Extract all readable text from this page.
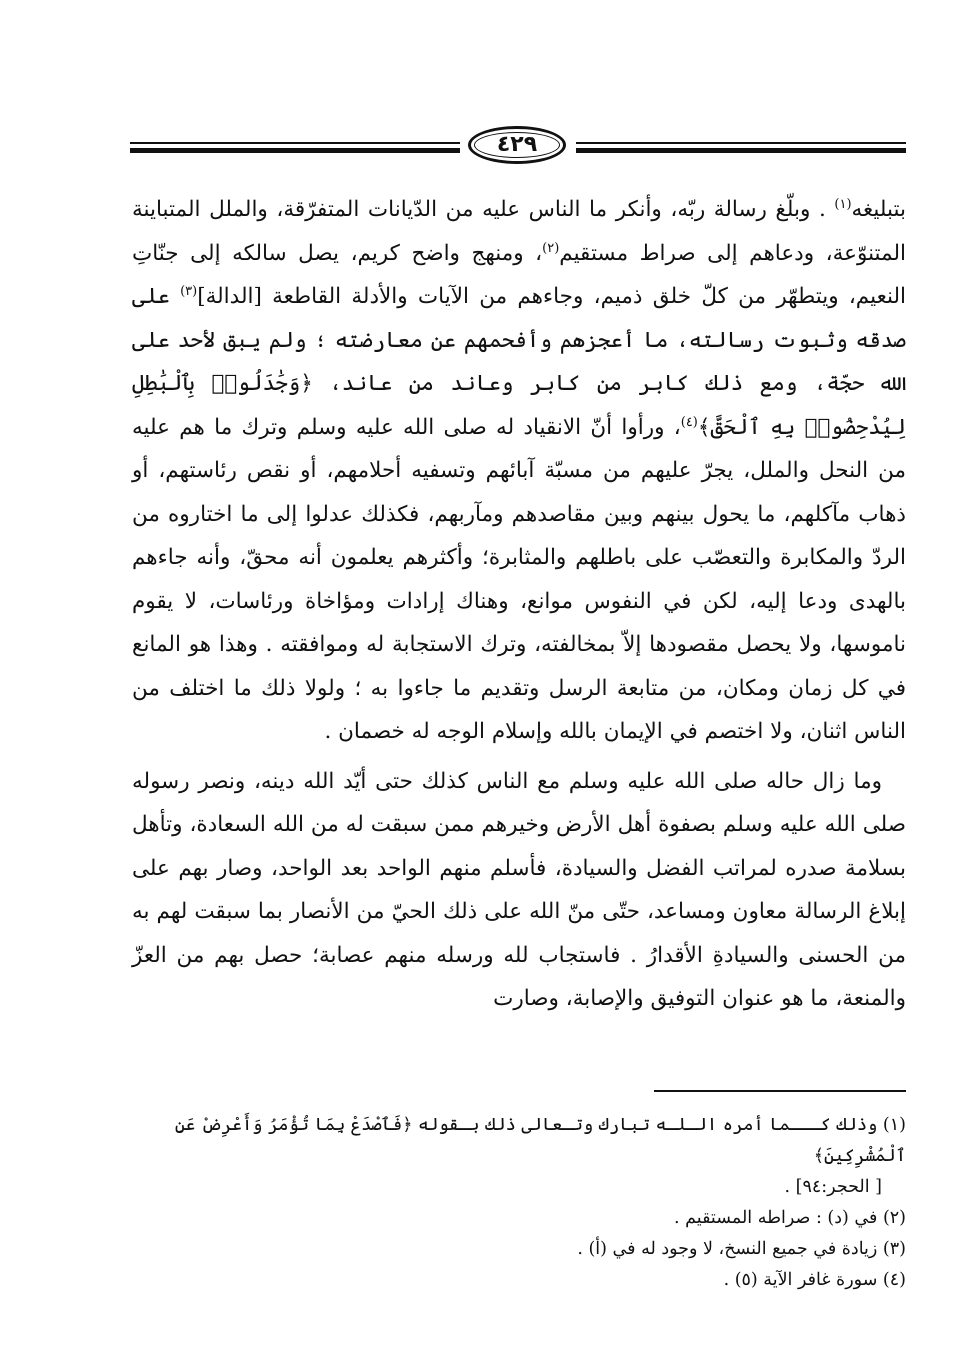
٤٢٩

بتبليغه$^{(١)}$ . وبلّغ رسالة ربّه، وأنكر ما الناس عليه من الدّيانات المتفرّقة، والملل المتباينة المتنوّعة، ودعاهم إلى صراط مستقيم$^{(٢)}$، ومنهج واضح كريم، يصل سالكه إلى جنّاتِ النعيم، ويتطهّر من كلّ خلق ذميم، وجاءهم من الآيات والأدلة القاطعة [الدالة]$^{(٣)}$ على صدقه وثبوت رسالته، ما أعجزهم وأفحمهم عن معارضته ؛ ولم يبق لأحد على الله حجّة، ومع ذلك كابر من كابر وعاند من عاند، ﴿وَجَٰدَلُوا۟ بِٱلْبَٰطِلِ لِيُدْحِضُوا۟ بِهِ ٱلْحَقَّ﴾$^{(٤)}$، ورأوا أنّ الانقياد له صلى الله عليه وسلم وترك ما هم عليه من النحل والملل، يجرّ عليهم من مسبّة آبائهم وتسفيه أحلامهم، أو نقص رئاستهم، أو ذهاب مآكلهم، ما يحول بينهم وبين مقاصدهم ومآربهم، فكذلك عدلوا إلى ما اختاروه من الردّ والمكابرة والتعصّب على باطلهم والمثابرة؛ وأكثرهم يعلمون أنه محقّ، وأنه جاءهم بالهدى ودعا إليه، لكن في النفوس موانع، وهناك إرادات ومؤاخاة ورئاسات، لا يقوم ناموسها، ولا يحصل مقصودها إلاّ بمخالفته، وترك الاستجابة له وموافقته . وهذا هو المانع في كل زمان ومكان، من متابعة الرسل وتقديم ما جاءوا به ؛ ولولا ذلك ما اختلف من الناس اثنان، ولا اختصم في الإيمان بالله وإسلام الوجه له خصمان .

وما زال حاله صلى الله عليه وسلم مع الناس كذلك حتى أيّد الله دينه، ونصر رسوله صلى الله عليه وسلم بصفوة أهل الأرض وخيرهم ممن سبقت له من الله السعادة، وتأهل بسلامة صدره لمراتب الفضل والسيادة، فأسلم منهم الواحد بعد الواحد، وصار بهم على إبلاغ الرسالة معاون ومساعد، حتّى منّ الله على ذلك الحيّ من الأنصار بما سبقت لهم به من الحسنى والسيادةِ الأقدارُ . فاستجاب لله ورسله منهم عصابة؛ حصل بهم من العزّ والمنعة، ما هو عنوان التوفيق والإصابة، وصارت

(١) وذلك كـــما أمره الـلـه تبارك وتـعالى ذلك بـقوله ﴿فَٱصْدَعْ بِمَا تُؤْمَرُ وَأَعْرِضْ عَنِ ٱلْمُشْرِكِينَ﴾

[ الحجر:٩٤] .

(٢) في (د) : صراطه المستقيم .

(٣) زيادة في جميع النسخ، لا وجود له في (أ) .

(٤) سورة غافر الآية (٥) .
